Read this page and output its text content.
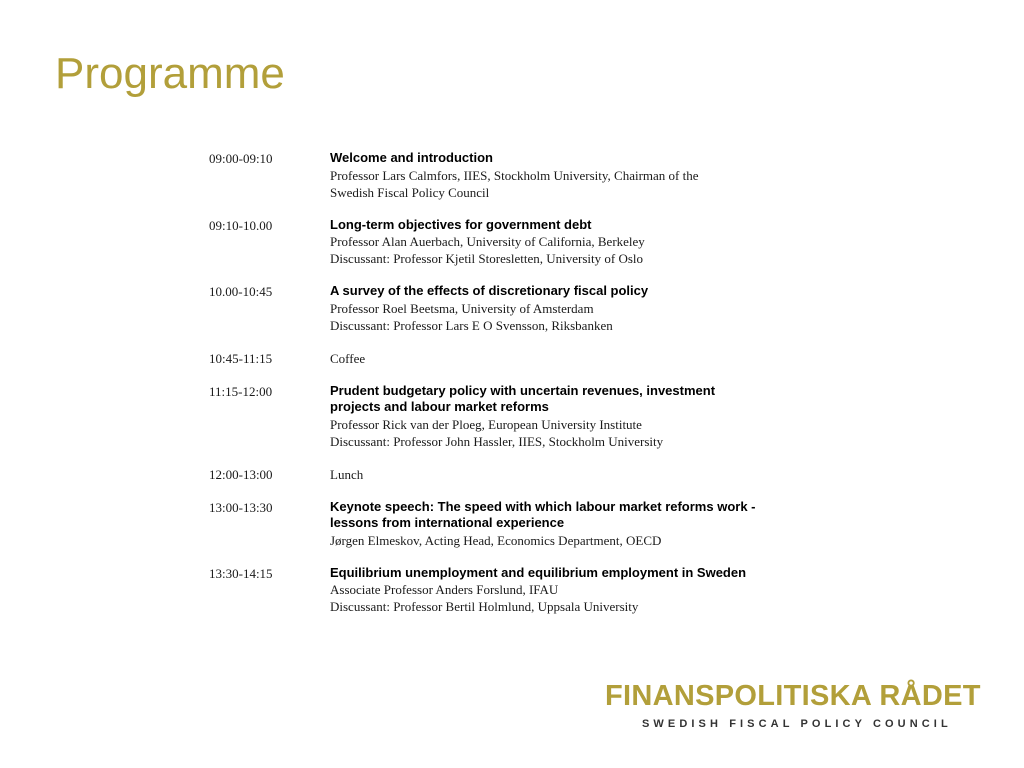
Programme
09:00-09:10	Welcome and introduction
Professor Lars Calmfors, IIES, Stockholm University, Chairman of the
Swedish Fiscal Policy Council
09:10-10.00	Long-term objectives for government debt
Professor Alan Auerbach, University of California, Berkeley
Discussant: Professor Kjetil Storesletten, University of Oslo
10.00-10:45	A survey of the effects of discretionary fiscal policy
Professor Roel Beetsma, University of Amsterdam
Discussant: Professor Lars E O Svensson, Riksbanken
10:45-11:15	Coffee
11:15-12:00	Prudent budgetary policy with uncertain revenues, investment projects and labour market reforms
Professor Rick van der Ploeg, European University Institute
Discussant: Professor John Hassler, IIES, Stockholm University
12:00-13:00	Lunch
13:00-13:30	Keynote speech: The speed with which labour market reforms work - lessons from international experience
Jørgen Elmeskov, Acting Head, Economics Department, OECD
13:30-14:15	Equilibrium unemployment and equilibrium employment in Sweden
Associate Professor Anders Forslund, IFAU
Discussant: Professor Bertil Holmlund, Uppsala University
FINANSPOLITISKA RÅDET
SWEDISH FISCAL POLICY COUNCIL
